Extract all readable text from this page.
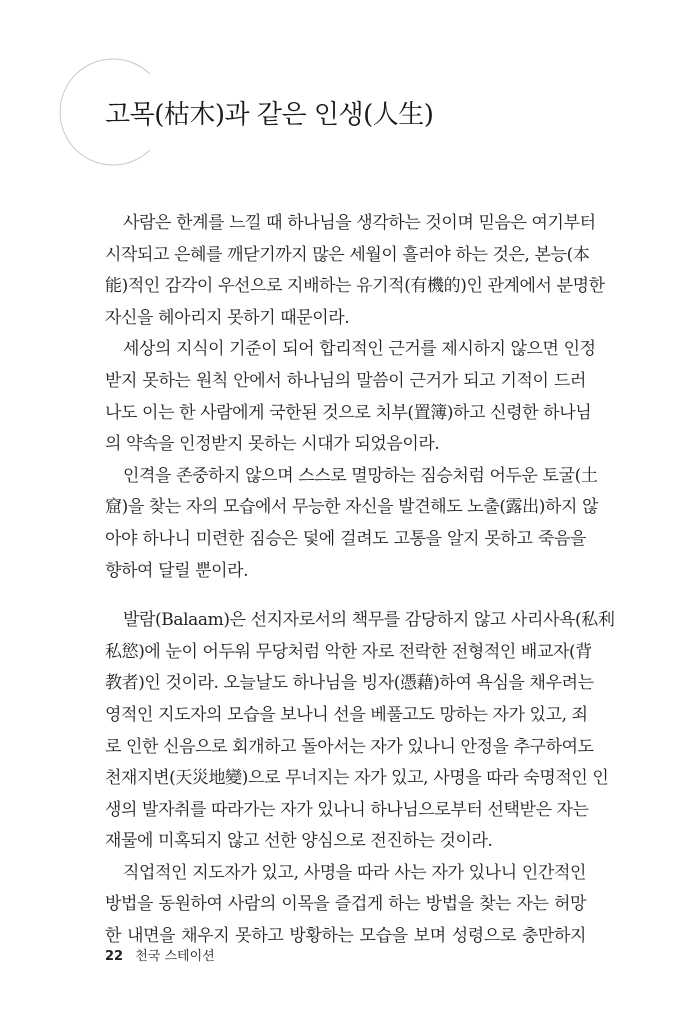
고목(枯木)과 같은 인생(人生)
사람은 한계를 느낄 때 하나님을 생각하는 것이며 믿음은 여기부터
시작되고 은혜를 깨닫기까지 많은 세월이 흘러야 하는 것은, 본능(本
能)적인 감각이 우선으로 지배하는 유기적(有機的)인 관계에서 분명한
자신을 헤아리지 못하기 때문이라.
세상의 지식이 기준이 되어 합리적인 근거를 제시하지 않으면 인정
받지 못하는 원칙 안에서 하나님의 말씀이 근거가 되고 기적이 드러
나도 이는 한 사람에게 국한된 것으로 치부(置簿)하고 신령한 하나님
의 약속을 인정받지 못하는 시대가 되었음이라.
인격을 존중하지 않으며 스스로 멸망하는 짐승처럼 어두운 토굴(土
窟)을 찾는 자의 모습에서 무능한 자신을 발견해도 노출(露出)하지 않
아야 하나니 미련한 짐승은 덫에 걸려도 고통을 알지 못하고 죽음을
향하여 달릴 뿐이라.
발람(Balaam)은 선지자로서의 책무를 감당하지 않고 사리사욕(私利
私慾)에 눈이 어두워 무당처럼 악한 자로 전락한 전형적인 배교자(背
教者)인 것이라. 오늘날도 하나님을 빙자(憑藉)하여 욕심을 채우려는
영적인 지도자의 모습을 보나니 선을 베풀고도 망하는 자가 있고, 죄
로 인한 신음으로 회개하고 돌아서는 자가 있나니 안정을 추구하여도
천재지변(天災地變)으로 무너지는 자가 있고, 사명을 따라 숙명적인 인
생의 발자취를 따라가는 자가 있나니 하나님으로부터 선택받은 자는
재물에 미혹되지 않고 선한 양심으로 전진하는 것이라.
직업적인 지도자가 있고, 사명을 따라 사는 자가 있나니 인간적인
방법을 동원하여 사람의 이목을 즐겁게 하는 방법을 찾는 자는 허망
한 내면을 채우지 못하고 방황하는 모습을 보며 성령으로 충만하지
22 천국 스테이션
